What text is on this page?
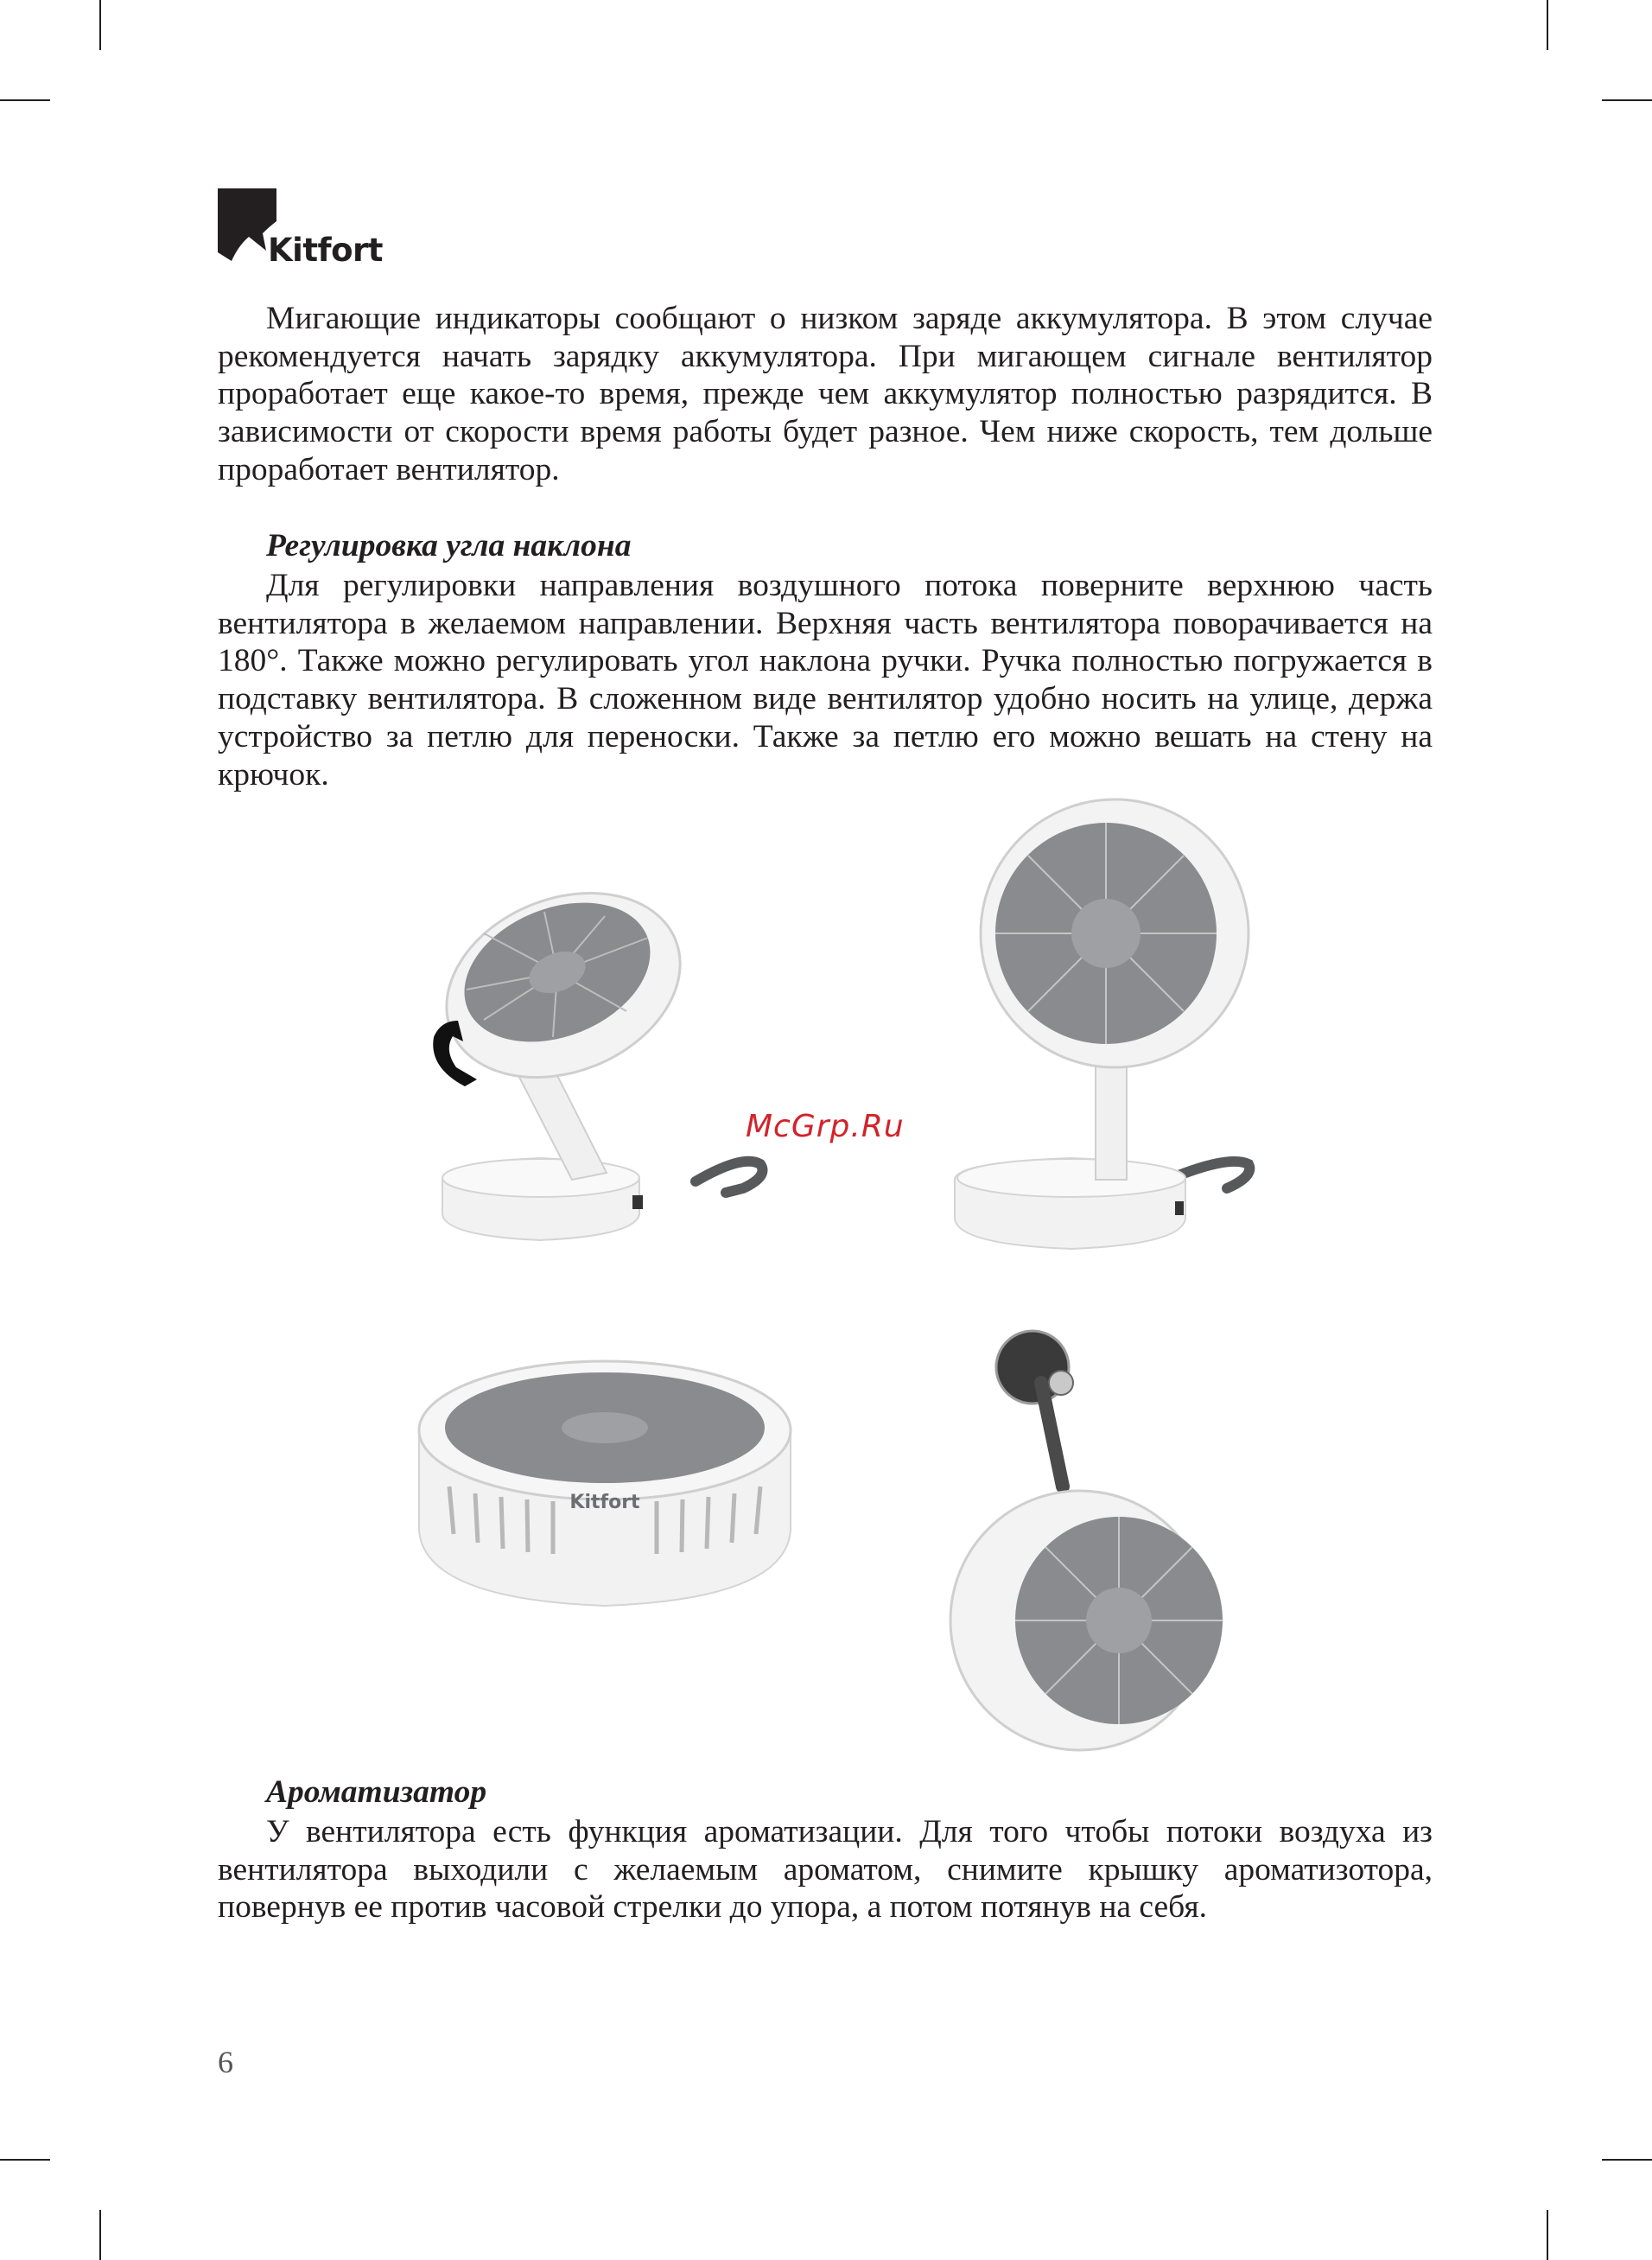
Kitfort

Мигающие индикаторы сообщают о низком заряде аккумулятора. В этом случае рекомендуется начать зарядку аккумулятора. При мигающем сигнале вентилятор проработает еще какое-то время, прежде чем аккумулятор полностью разрядится. В зависимости от скорости время работы будет разное. Чем ниже скорость, тем дольше проработает вентилятор.

Регулировка угла наклона

Для регулировки направления воздушного потока поверните верхнюю часть вентилятора в желаемом направлении. Верхняя часть вентилятора поворачивается на 180°. Также можно регулировать угол наклона ручки. Ручка полностью погружается в подставку вентилятора. В сложенном виде вентилятор удобно носить на улице, держа устройство за петлю для переноски. Также за петлю его можно вешать на стену на крючок.

Kitfort
McGrp.Ru
Ароматизатор

У вентилятора есть функция ароматизации. Для того чтобы потоки воздуха из вентилятора выходили с желаемым ароматом, снимите крышку ароматизотора, повернув ее против часовой стрелки до упора, а потом потянув на себя.

6
